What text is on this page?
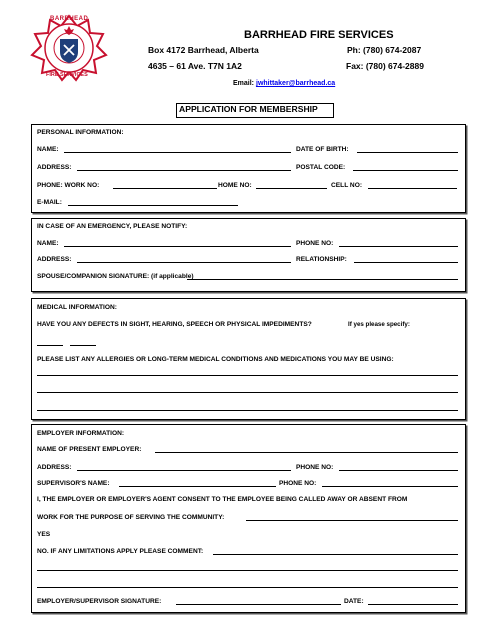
BARRHEAD
FIRE SERVICES
BARRHEAD FIRE SERVICES
Box 4172 Barrhead, Alberta	Ph: (780) 674-2087
4635 – 61 Ave. T7N 1A2	Fax: (780) 674-2889
Email: jwhittaker@barrhead.ca
APPLICATION FOR MEMBERSHIP
PERSONAL INFORMATION:
NAME:	DATE OF BIRTH:
ADDRESS:	POSTAL CODE:
PHONE: WORK NO:	HOME NO:	CELL NO:
E-MAIL:
IN CASE OF AN EMERGENCY, PLEASE NOTIFY:
NAME:	PHONE NO:
ADDRESS:	RELATIONSHIP:
SPOUSE/COMPANION SIGNATURE: (if applicable)
MEDICAL INFORMATION:
HAVE YOU ANY DEFECTS IN SIGHT, HEARING, SPEECH OR PHYSICAL IMPEDIMENTS?	If yes please specify:
PLEASE LIST ANY ALLERGIES OR LONG-TERM MEDICAL CONDITIONS AND MEDICATIONS YOU MAY BE USING:
EMPLOYER INFORMATION:
NAME OF PRESENT EMPLOYER:
ADDRESS:	PHONE NO:
SUPERVISOR'S NAME:	PHONE NO:
I, THE EMPLOYER OR EMPLOYER'S AGENT CONSENT TO THE EMPLOYEE BEING CALLED AWAY OR ABSENT FROM
WORK FOR THE PURPOSE OF SERVING THE COMMUNITY:
YES
NO. IF ANY LIMITATIONS APPLY PLEASE COMMENT:
EMPLOYER/SUPERVISOR SIGNATURE:	DATE:
